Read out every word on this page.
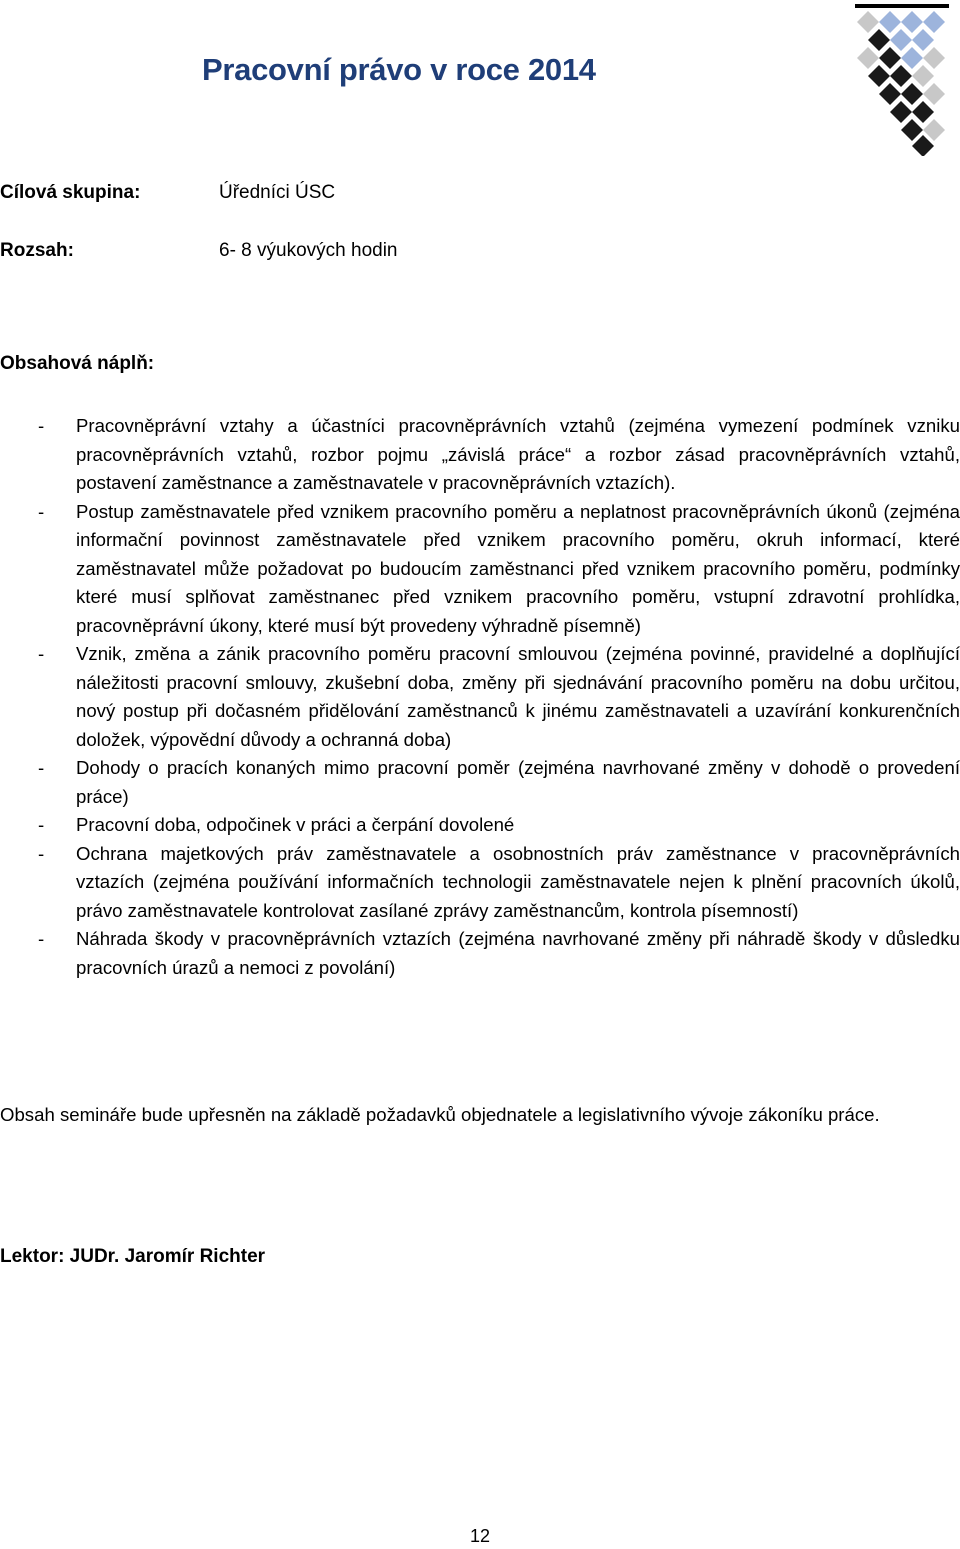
Pracovní právo v roce 2014
Cílová skupina:	Úředníci ÚSC
Rozsah:	6- 8 výukových hodin
Obsahová náplň:
- Pracovněprávní vztahy a účastníci pracovněprávních vztahů (zejména vymezení podmínek vzniku pracovněprávních vztahů, rozbor pojmu „závislá práce“ a rozbor zásad pracovněprávních vztahů, postavení zaměstnance a zaměstnavatele v pracovněprávních vztazích).
- Postup zaměstnavatele před vznikem pracovního poměru a neplatnost pracovněprávních úkonů (zejména informační povinnost zaměstnavatele před vznikem pracovního poměru, okruh informací, které zaměstnavatel může požadovat po budoucím zaměstnanci před vznikem pracovního poměru, podmínky které musí splňovat zaměstnanec před vznikem pracovního poměru, vstupní zdravotní prohlídka, pracovněprávní úkony, které musí být provedeny výhradně písemně)
- Vznik, změna a zánik pracovního poměru pracovní smlouvou (zejména povinné, pravidelné a doplňující náležitosti pracovní smlouvy, zkušební doba, změny při sjednávání pracovního poměru na dobu určitou, nový postup při dočasném přidělování zaměstnanců k jinému zaměstnavateli a uzavírání konkurenčních doložek, výpovědní důvody a ochranná doba)
- Dohody o pracích konaných mimo pracovní poměr (zejména navrhované změny v dohodě o provedení práce)
- Pracovní doba, odpočinek v práci a čerpání dovolené
- Ochrana majetkových práv zaměstnavatele a osobnostních práv zaměstnance v pracovněprávních vztazích (zejména používání informačních technologii zaměstnavatele nejen k plnění pracovních úkolů, právo zaměstnavatele kontrolovat zasílané zprávy zaměstnancům, kontrola písemností)
- Náhrada škody v pracovněprávních vztazích (zejména navrhované změny při náhradě škody v důsledku pracovních úrazů a nemoci z povolání)

Obsah semináře bude upřesněn na základě požadavků objednatele a legislativního vývoje zákoníku práce.

Lektor: JUDr. Jaromír Richter

12
